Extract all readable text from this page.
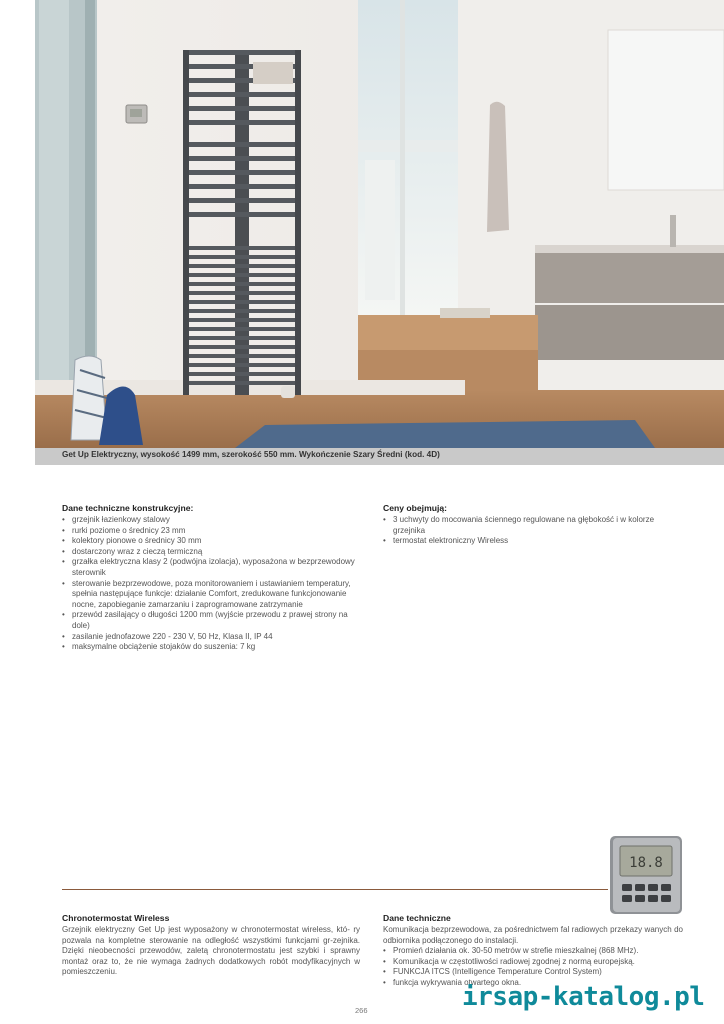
Get Up Elektryczny, wysokość 1499 mm, szerokość 550 mm. Wykończenie Szary Średni (kod. 4D)
Dane techniczne konstrukcyjne:
• grzejnik łazienkowy stalowy
• rurki poziome o średnicy 23 mm
• kolektory pionowe o średnicy 30 mm
• dostarczony wraz z cieczą termiczną
• grzałka elektryczna klasy 2 (podwójna izolacja), wyposażona w bezprzewodowy sterownik
• sterowanie bezprzewodowe, poza monitorowaniem i ustawianiem temperatury, spełnia następujące funkcje: działanie Comfort, zredukowane funkcjonowanie nocne, zapobieganie zamarzaniu i zaprogramowane zatrzymanie
• przewód zasilający o długości 1200 mm (wyjście przewodu z prawej strony na dole)
• zasilanie jednofazowe 220 - 230 V, 50 Hz, Klasa II, IP 44
• maksymalne obciążenie stojaków do suszenia: 7 kg
Ceny obejmują:
• 3 uchwyty do mocowania ściennego regulowane na głębokość i w kolorze grzejnika
• termostat elektroniczny Wireless
18.8
Chronotermostat Wireless

Grzejnik elektryczny Get Up jest wyposażony w chronotermostat wireless, któ- ry pozwala na kompletne sterowanie na odległość wszystkimi funkcjami gr-zejnika. Dzięki nieobecności przewodów, zaletą chronotermostatu jest szybki i sprawny montaż oraz to, że nie wymaga żadnych dodatkowych robót modyfikacyjnych w pomieszczeniu.

Dane techniczne

Komunikacja bezprzewodowa, za pośrednictwem fal radiowych przekazy wanych do odbiornika podłączonego do instalacji.

• Promień działania ok. 30-50 metrów w strefie mieszkalnej (868 MHz).
• Komunikacja w częstotliwości radiowej zgodnej z normą europejską.
• FUNKCJA ITCS (Intelligence Temperature Control System)
• funkcja wykrywania otwartego okna.
266	irsap-katalog.pl
